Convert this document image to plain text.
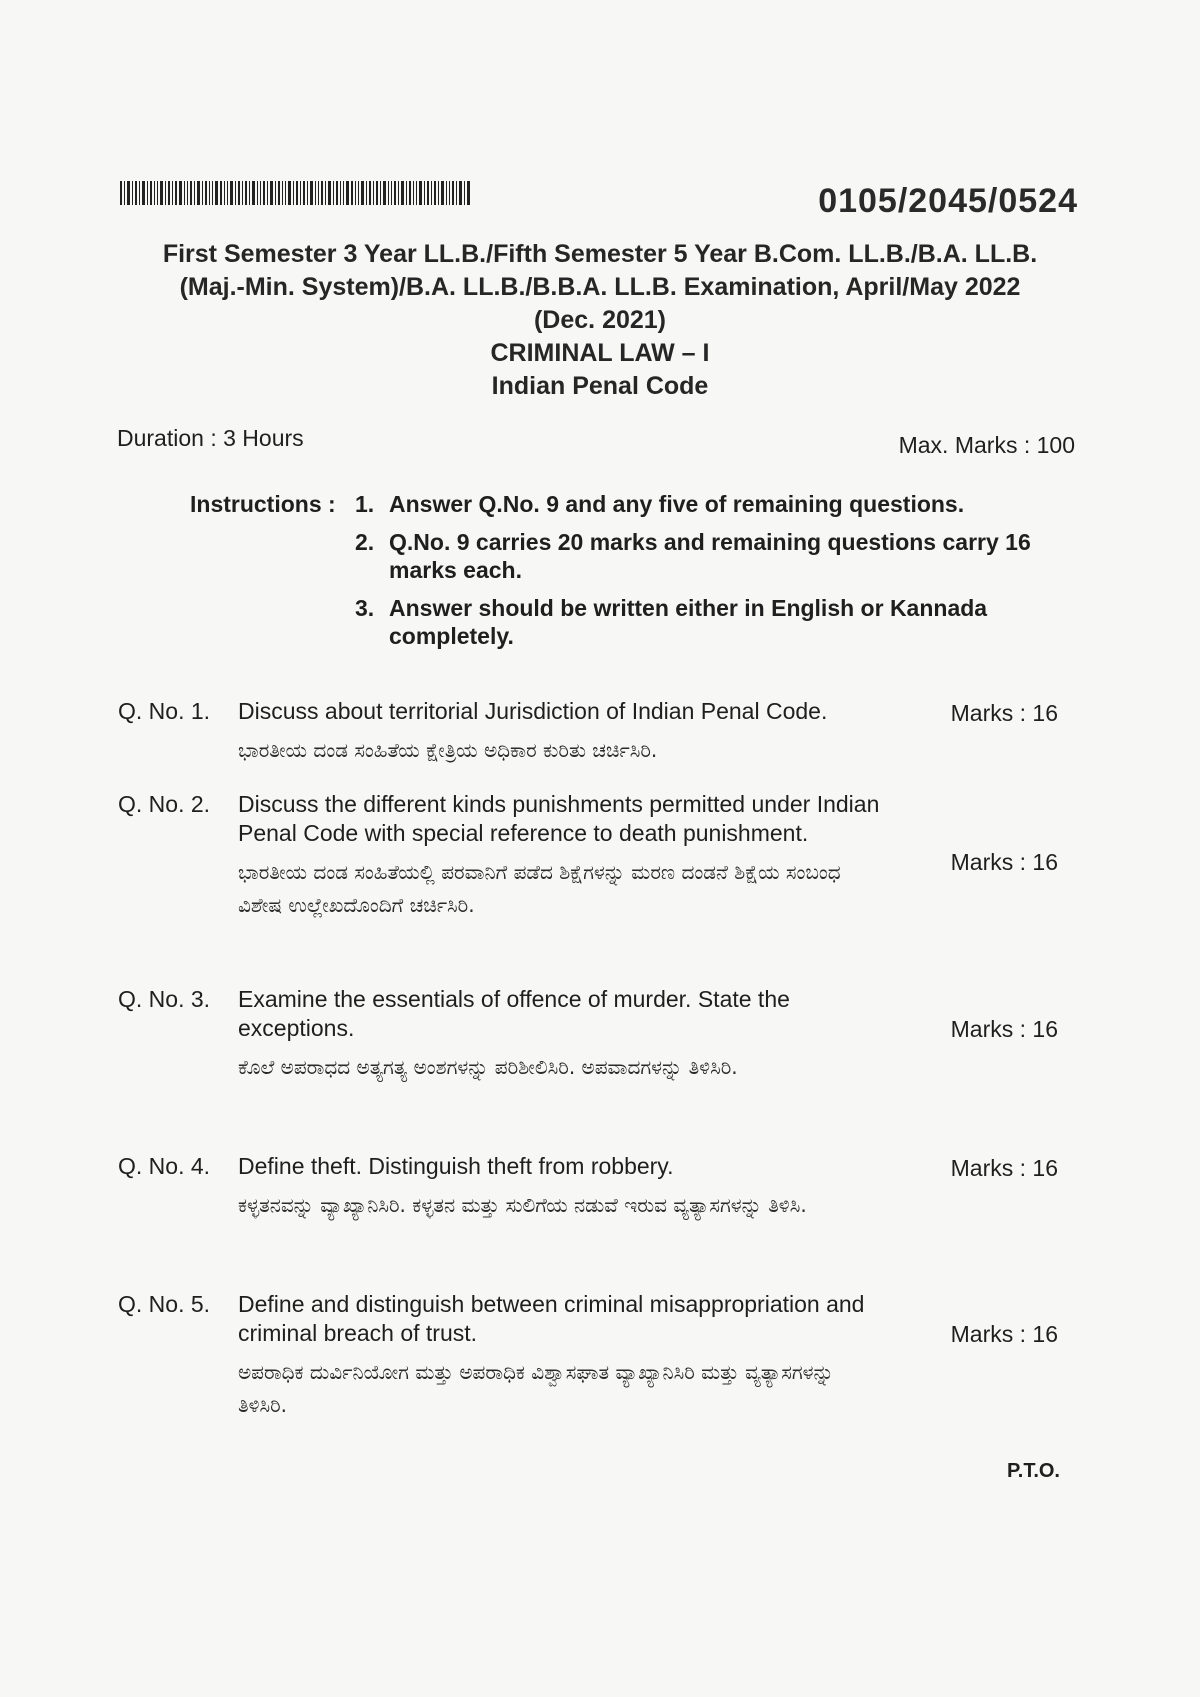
0105/2045/0524
First Semester 3 Year LL.B./Fifth Semester 5 Year B.Com. LL.B./B.A. LL.B.
(Maj.-Min. System)/B.A. LL.B./B.B.A. LL.B. Examination, April/May 2022
(Dec. 2021)
CRIMINAL LAW – I
Indian Penal Code
Duration : 3 Hours	Max. Marks : 100
Instructions : 1. Answer Q.No. 9 and any five of remaining questions.
2. Q.No. 9 carries 20 marks and remaining questions carry 16 marks each.
3. Answer should be written either in English or Kannada completely.
Q. No. 1. Discuss about territorial Jurisdiction of Indian Penal Code.
ಭಾರತೀಯ ದಂಡ ಸಂಹಿತೆಯ ಕ್ಷೇತ್ರಿಯ ಅಧಿಕಾರ ಕುರಿತು ಚರ್ಚಿಸಿರಿ.
Marks : 16
Q. No. 2. Discuss the different kinds punishments permitted under Indian Penal Code with special reference to death punishment.
ಭಾರತೀಯ ದಂಡ ಸಂಹಿತೆಯಲ್ಲಿ ಪರವಾನಿಗೆ ಪಡೆದ ಶಿಕ್ಷೆಗಳನ್ನು ಮರಣ ದಂಡನೆ ಶಿಕ್ಷೆಯ ಸಂಬಂಧ ವಿಶೇಷ ಉಲ್ಲೇಖದೊಂದಿಗೆ ಚರ್ಚಿಸಿರಿ.
Marks : 16
Q. No. 3. Examine the essentials of offence of murder. State the exceptions.
ಕೊಲೆ ಅಪರಾಧದ ಅತ್ಯಗತ್ಯ ಅಂಶಗಳನ್ನು ಪರಿಶೀಲಿಸಿರಿ. ಅಪವಾದಗಳನ್ನು ತಿಳಿಸಿರಿ.
Marks : 16
Q. No. 4. Define theft. Distinguish theft from robbery.
ಕಳ್ಳತನವನ್ನು ವ್ಯಾಖ್ಯಾನಿಸಿರಿ. ಕಳ್ಳತನ ಮತ್ತು ಸುಲಿಗೆಯ ನಡುವೆ ಇರುವ ವ್ಯತ್ಯಾಸಗಳನ್ನು ತಿಳಿಸಿ.
Marks : 16
Q. No. 5. Define and distinguish between criminal misappropriation and criminal breach of trust.
ಅಪರಾಧಿಕ ದುರ್ವಿನಿಯೋಗ ಮತ್ತು ಅಪರಾಧಿಕ ವಿಶ್ವಾಸಘಾತ ವ್ಯಾಖ್ಯಾನಿಸಿರಿ ಮತ್ತು ವ್ಯತ್ಯಾಸಗಳನ್ನು ತಿಳಿಸಿರಿ.
Marks : 16
P.T.O.
